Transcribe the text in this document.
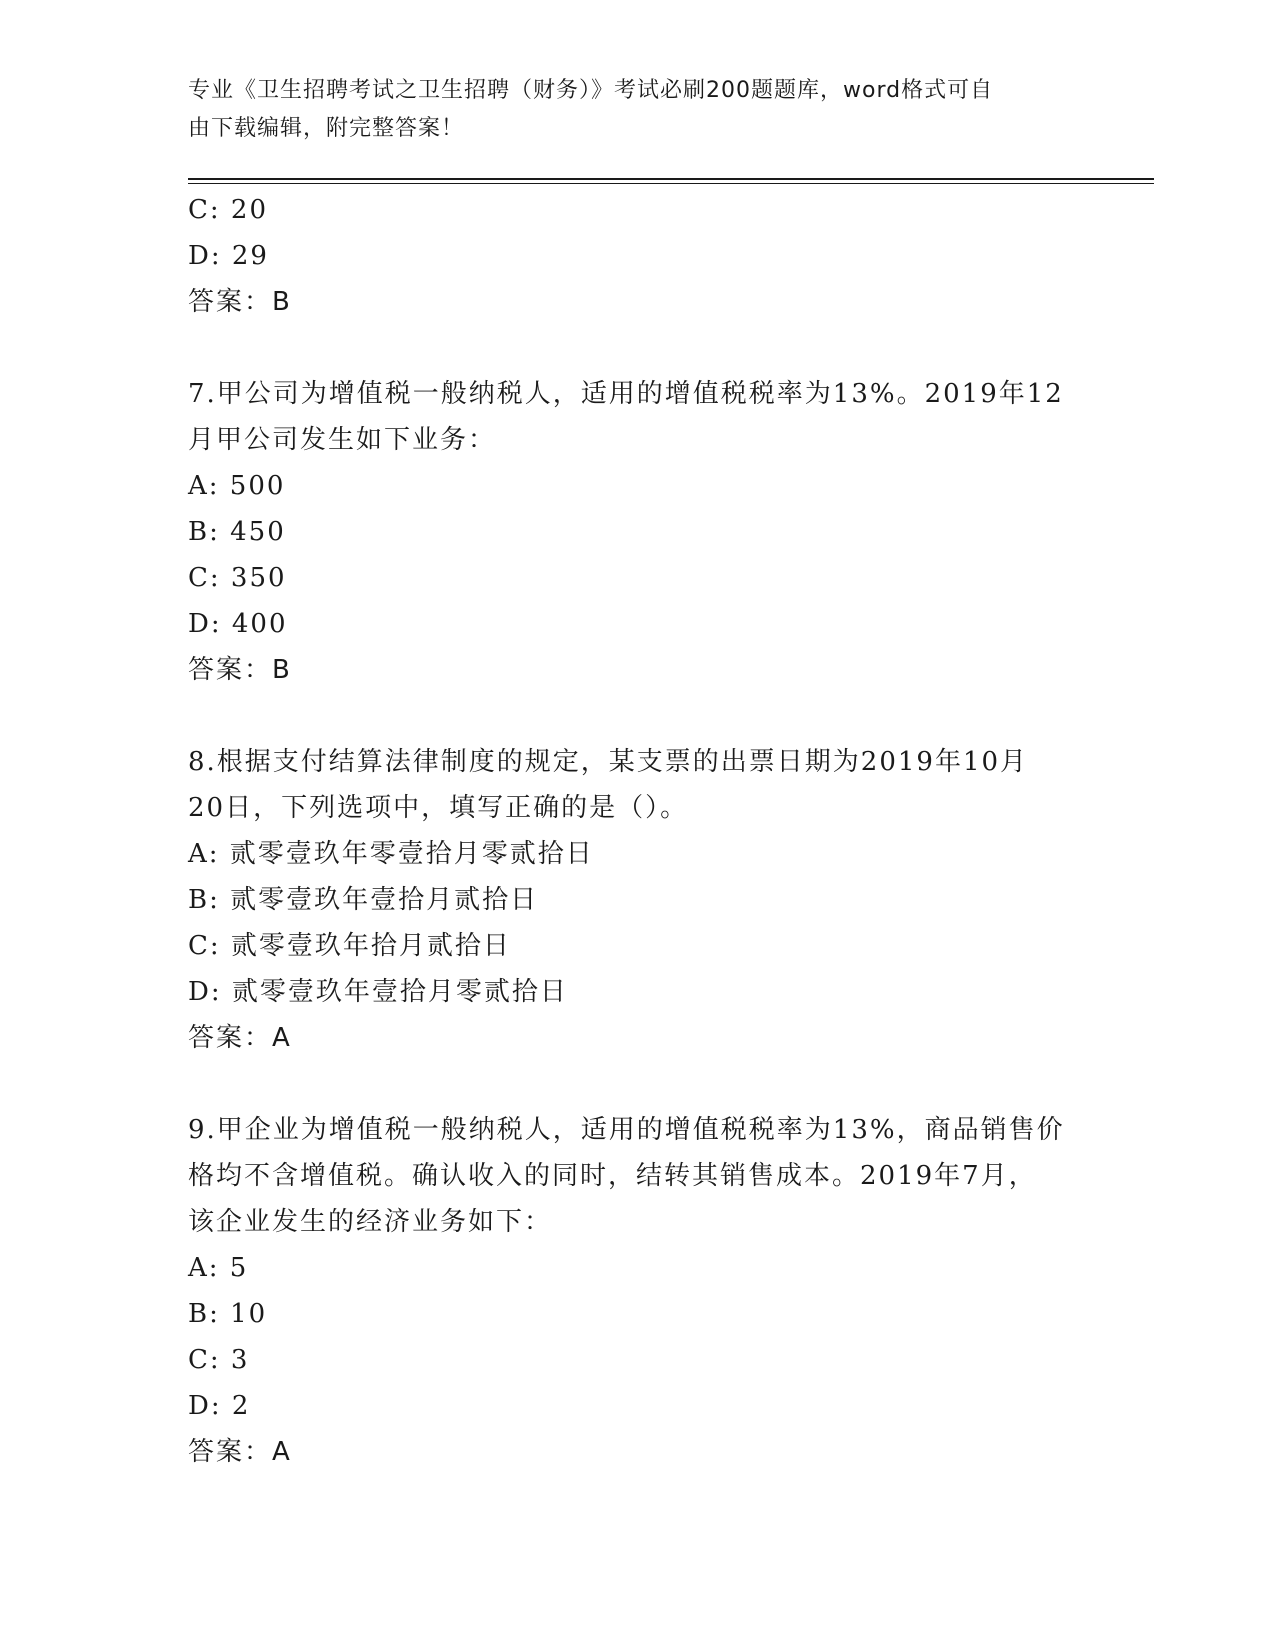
专业《卫生招聘考试之卫生招聘（财务）》考试必刷200题题库，word格式可自
由下载编辑，附完整答案！
C: 20
D: 29
答案：B
7.甲公司为增值税一般纳税人，适用的增值税税率为13%。2019年12
月甲公司发生如下业务：
A: 500
B: 450
C: 350
D: 400
答案：B
8.根据支付结算法律制度的规定，某支票的出票日期为2019年10月
20日，下列选项中，填写正确的是（）。
A: 贰零壹玖年零壹拾月零贰拾日
B: 贰零壹玖年壹拾月贰拾日
C: 贰零壹玖年拾月贰拾日
D: 贰零壹玖年壹拾月零贰拾日
答案：A
9.甲企业为增值税一般纳税人，适用的增值税税率为13%，商品销售价
格均不含增值税。确认收入的同时，结转其销售成本。2019年7月，
该企业发生的经济业务如下：
A: 5
B: 10
C: 3
D: 2
答案：A
